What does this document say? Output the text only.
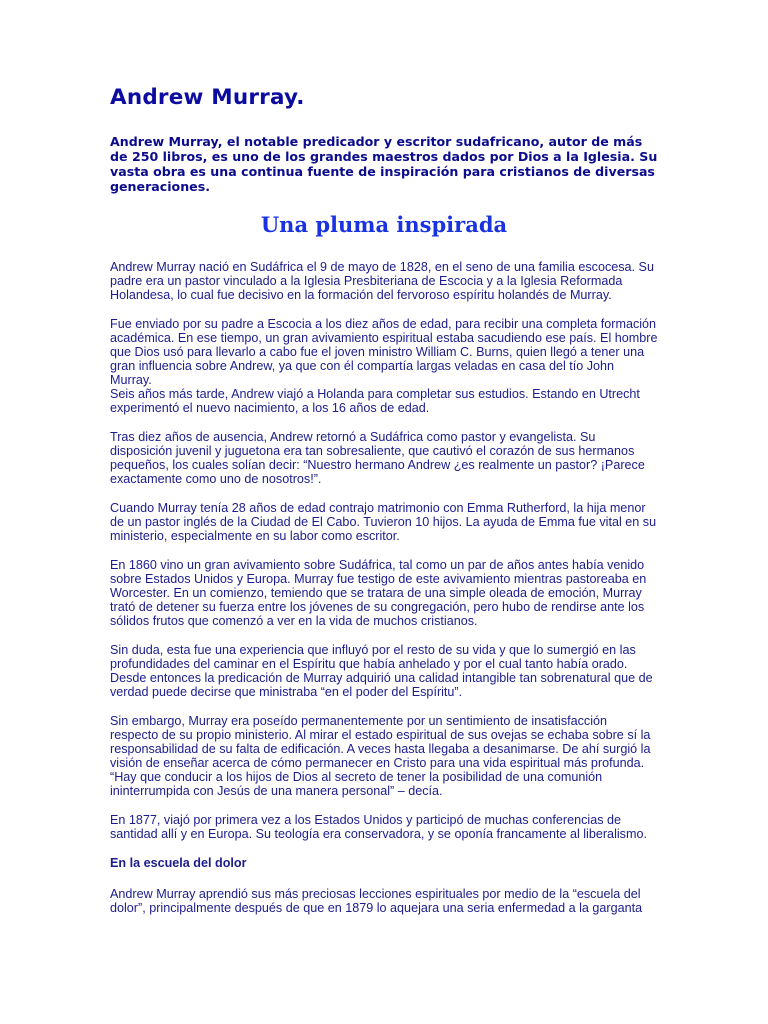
Andrew Murray.

Andrew Murray, el notable predicador y escritor sudafricano, autor de más de 250 libros, es uno de los grandes maestros dados por Dios a la Iglesia. Su vasta obra es una continua fuente de inspiración para cristianos de diversas generaciones.

Una pluma inspirada

Andrew Murray nació en Sudáfrica el 9 de mayo de 1828, en el seno de una familia escocesa. Su padre era un pastor vinculado a la Iglesia Presbiteriana de Escocia y a la Iglesia Reformada Holandesa, lo cual fue decisivo en la formación del fervoroso espíritu holandés de Murray.

Fue enviado por su padre a Escocia a los diez años de edad, para recibir una completa formación académica. En ese tiempo, un gran avivamiento espiritual estaba sacudiendo ese país. El hombre que Dios usó para llevarlo a cabo fue el joven ministro William C. Burns, quien llegó a tener una gran influencia sobre Andrew, ya que con él compartía largas veladas en casa del tío John Murray.

Seis años más tarde, Andrew viajó a Holanda para completar sus estudios. Estando en Utrecht experimentó el nuevo nacimiento, a los 16 años de edad.

Tras diez años de ausencia, Andrew retornó a Sudáfrica como pastor y evangelista. Su disposición juvenil y juguetona era tan sobresaliente, que cautivó el corazón de sus hermanos pequeños, los cuales solían decir: “Nuestro hermano Andrew ¿es realmente un pastor? ¡Parece exactamente como uno de nosotros!”.

Cuando Murray tenía 28 años de edad contrajo matrimonio con Emma Rutherford, la hija menor de un pastor inglés de la Ciudad de El Cabo. Tuvieron 10 hijos. La ayuda de Emma fue vital en su ministerio, especialmente en su labor como escritor.

En 1860 vino un gran avivamiento sobre Sudáfrica, tal como un par de años antes había venido sobre Estados Unidos y Europa. Murray fue testigo de este avivamiento mientras pastoreaba en Worcester. En un comienzo, temiendo que se tratara de una simple oleada de emoción, Murray trató de detener su fuerza entre los jóvenes de su congregación, pero hubo de rendirse ante los sólidos frutos que comenzó a ver en la vida de muchos cristianos.

Sin duda, esta fue una experiencia que influyó por el resto de su vida y que lo sumergió en las profundidades del caminar en el Espíritu que había anhelado y por el cual tanto había orado. Desde entonces la predicación de Murray adquirió una calidad intangible tan sobrenatural que de verdad puede decirse que ministraba “en el poder del Espíritu”.

Sin embargo, Murray era poseído permanentemente por un sentimiento de insatisfacción respecto de su propio ministerio. Al mirar el estado espiritual de sus ovejas se echaba sobre sí la responsabilidad de su falta de edificación. A veces hasta llegaba a desanimarse. De ahí surgió la visión de enseñar acerca de cómo permanecer en Cristo para una vida espiritual más profunda. “Hay que conducir a los hijos de Dios al secreto de tener la posibilidad de una comunión ininterrumpida con Jesús de una manera personal” – decía.

En 1877, viajó por primera vez a los Estados Unidos y participó de muchas conferencias de santidad allí y en Europa. Su teología era conservadora, y se oponía francamente al liberalismo.

En la escuela del dolor

Andrew Murray aprendió sus más preciosas lecciones espirituales por medio de la “escuela del dolor”, principalmente después de que en 1879 lo aquejara una seria enfermedad a la garganta
